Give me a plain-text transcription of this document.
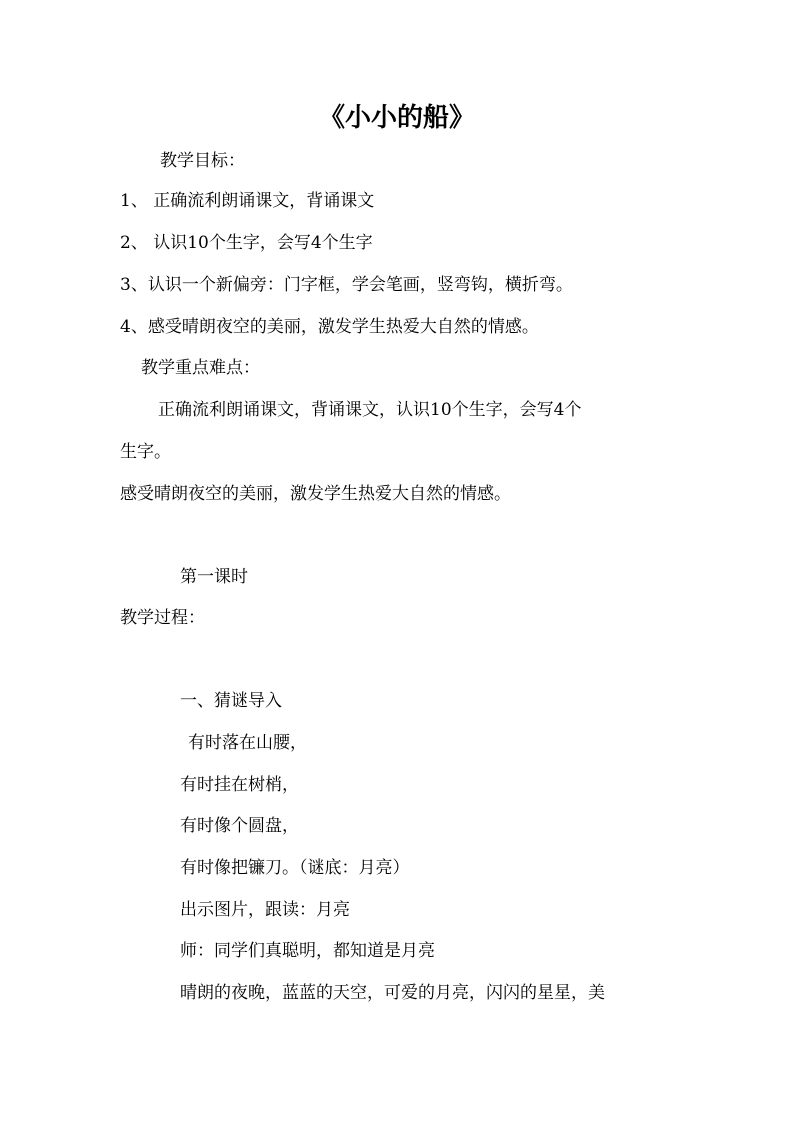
《小小的船》
教学目标：
1、 正确流利朗诵课文，背诵课文
2、 认识10个生字，会写4个生字
3、认识一个新偏旁：门字框，学会笔画，竖弯钩，横折弯。
4、感受晴朗夜空的美丽，激发学生热爱大自然的情感。
教学重点难点：
正确流利朗诵课文，背诵课文，认识10个生字，会写4个
生字。
感受晴朗夜空的美丽，激发学生热爱大自然的情感。
第一课时
教学过程：
一、猜谜导入
有时落在山腰，
有时挂在树梢，
有时像个圆盘，
有时像把镰刀。（谜底：月亮）
出示图片，跟读：月亮
师：同学们真聪明，都知道是月亮
晴朗的夜晚，蓝蓝的天空，可爱的月亮，闪闪的星星，美
